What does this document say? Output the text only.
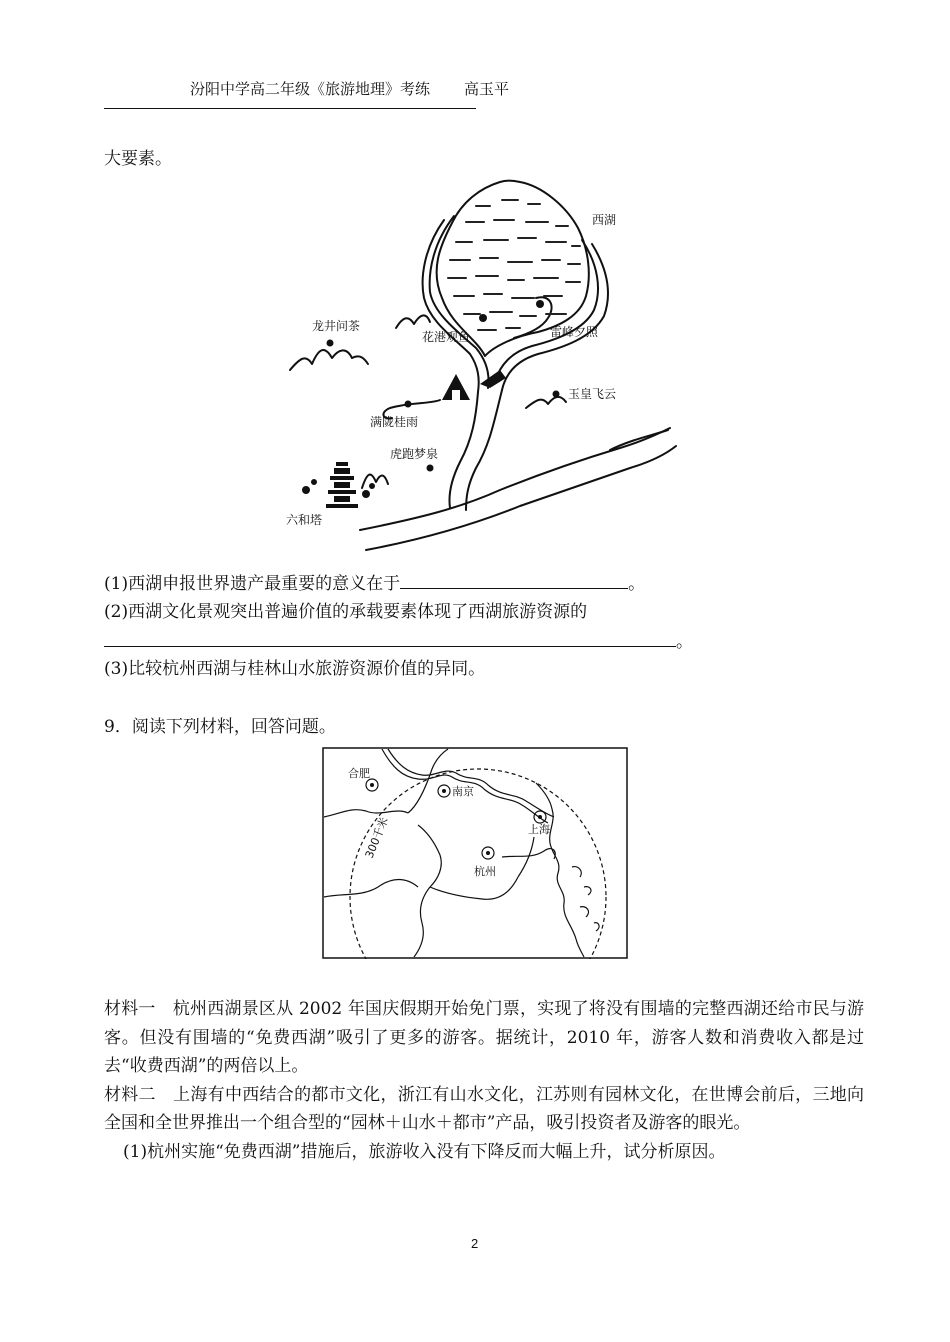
汾阳中学高二年级《旅游地理》考练 高玉平
大要素。
西湖
龙井问茶
花港观鱼	雷峰夕照
玉皇飞云
满陇桂雨
虎跑梦泉
六和塔
(1)西湖申报世界遗产最重要的意义在于	。
(2)西湖文化景观突出普遍价值的承载要素体现了西湖旅游资源的
。
(3)比较杭州西湖与桂林山水旅游资源价值的异同。
9．阅读下列材料，回答问题。
合肥
南京
上海
杭州
300千米

材料一　杭州西湖景区从 2002 年国庆假期开始免门票，实现了将没有围墙的完整西湖还给市民与游客。但没有围墙的“免费西湖”吸引了更多的游客。据统计，2010 年，游客人数和消费收入都是过去“收费西湖”的两倍以上。

材料二　上海有中西结合的都市文化，浙江有山水文化，江苏则有园林文化，在世博会前后，三地向全国和全世界推出一个组合型的“园林＋山水＋都市”产品，吸引投资者及游客的眼光。

(1)杭州实施“免费西湖”措施后，旅游收入没有下降反而大幅上升，试分析原因。

2
